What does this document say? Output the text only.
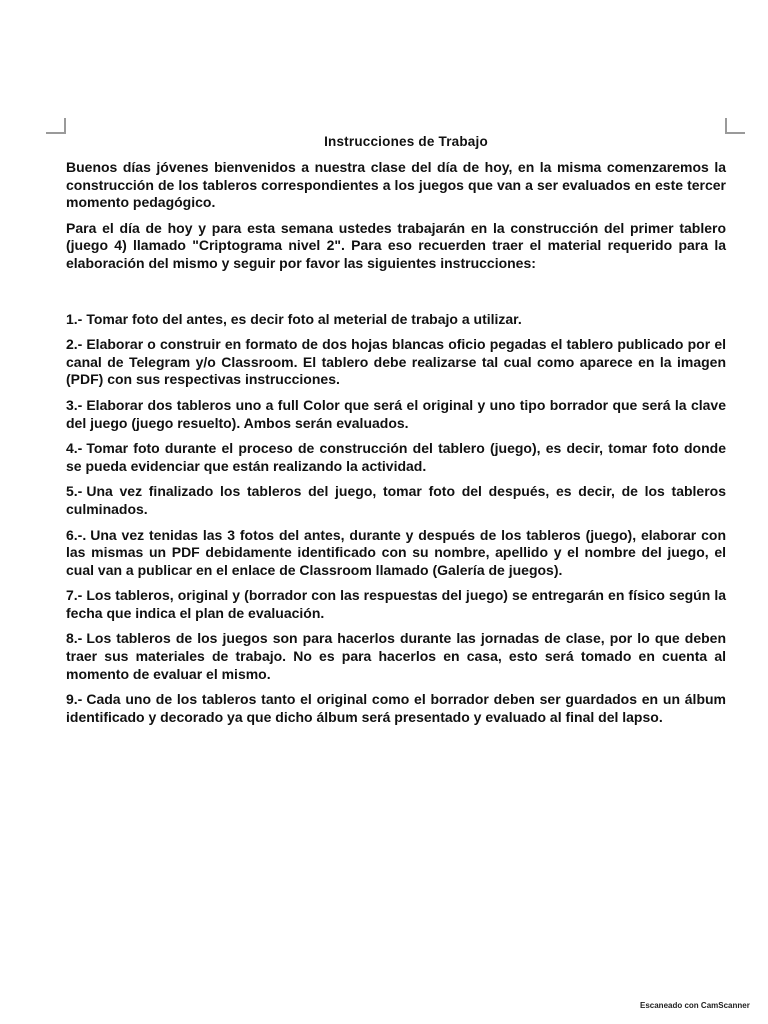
Instrucciones de Trabajo

Buenos días jóvenes bienvenidos a nuestra clase del día de hoy, en la misma comenzaremos la construcción de los tableros correspondientes a los juegos que van a ser evaluados en este tercer momento pedagógico.

Para el día de hoy y para esta semana ustedes trabajarán en la construcción del primer tablero (juego 4) llamado "Criptograma nivel 2". Para eso recuerden traer el material requerido para la elaboración del mismo y seguir por favor las siguientes instrucciones:

1.- Tomar foto del antes, es decir foto al meterial de trabajo a utilizar.

2.- Elaborar o construir en formato de dos hojas blancas oficio pegadas el tablero publicado por el canal de Telegram y/o Classroom. El tablero debe realizarse tal cual como aparece en la imagen (PDF) con sus respectivas instrucciones.

3.- Elaborar dos tableros uno a full Color que será el original y uno tipo borrador que será la clave del juego (juego resuelto). Ambos serán evaluados.

4.- Tomar foto durante el proceso de construcción del tablero (juego), es decir, tomar foto donde se pueda evidenciar que están realizando la actividad.

5.- Una vez finalizado los tableros del juego, tomar foto del después, es decir, de los tableros culminados.

6.-. Una vez tenidas las 3 fotos del antes, durante y después de los tableros (juego), elaborar con las mismas un PDF debidamente identificado con su nombre, apellido y el nombre del juego, el cual van a publicar en el enlace de Classroom llamado (Galería de juegos).

7.- Los tableros, original y (borrador con las respuestas del juego) se entregarán en físico según la fecha que indica el plan de evaluación.

8.- Los tableros de los juegos son para hacerlos durante las jornadas de clase, por lo que deben traer sus materiales de trabajo. No es para hacerlos en casa, esto será tomado en cuenta al momento de evaluar el mismo.

9.- Cada uno de los tableros tanto el original como el borrador deben ser guardados en un álbum identificado y decorado ya que dicho álbum será presentado y evaluado al final del lapso.

Escaneado con CamScanner
